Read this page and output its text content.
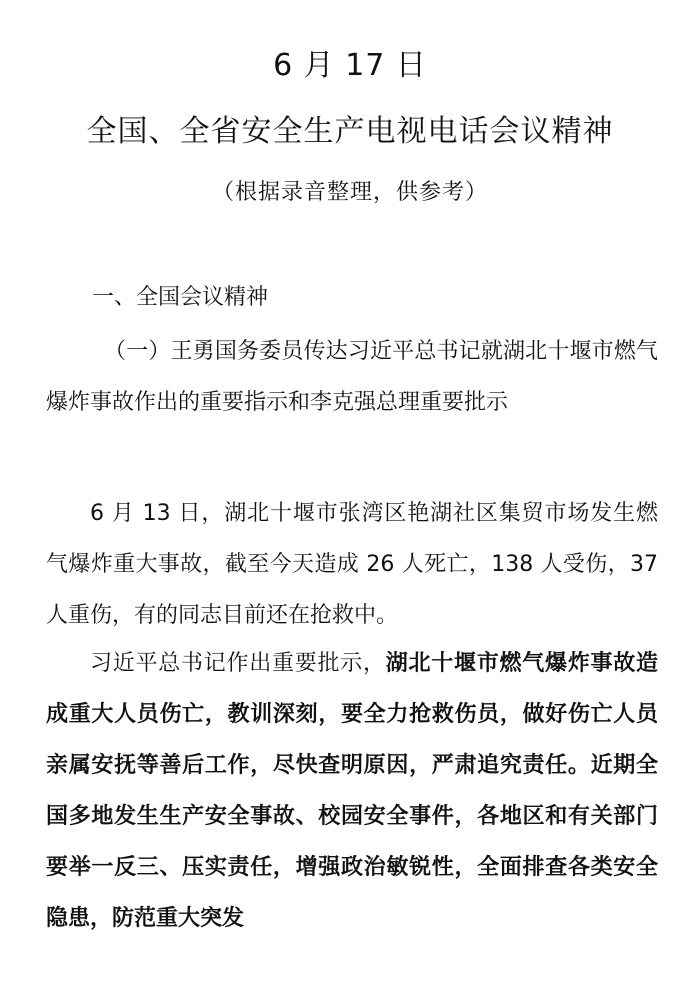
6 月 17 日
全国、全省安全生产电视电话会议精神
（根据录音整理，供参考）
一、全国会议精神
（一）王勇国务委员传达习近平总书记就湖北十堰市燃气爆炸事故作出的重要指示和李克强总理重要批示
6 月 13 日，湖北十堰市张湾区艳湖社区集贸市场发生燃气爆炸重大事故，截至今天造成 26 人死亡，138 人受伤，37 人重伤，有的同志目前还在抢救中。
习近平总书记作出重要批示，湖北十堰市燃气爆炸事故造成重大人员伤亡，教训深刻，要全力抢救伤员，做好伤亡人员亲属安抚等善后工作，尽快查明原因，严肃追究责任。近期全国多地发生生产安全事故、校园安全事件，各地区和有关部门要举一反三、压实责任，增强政治敏锐性，全面排查各类安全隐患，防范重大突发
